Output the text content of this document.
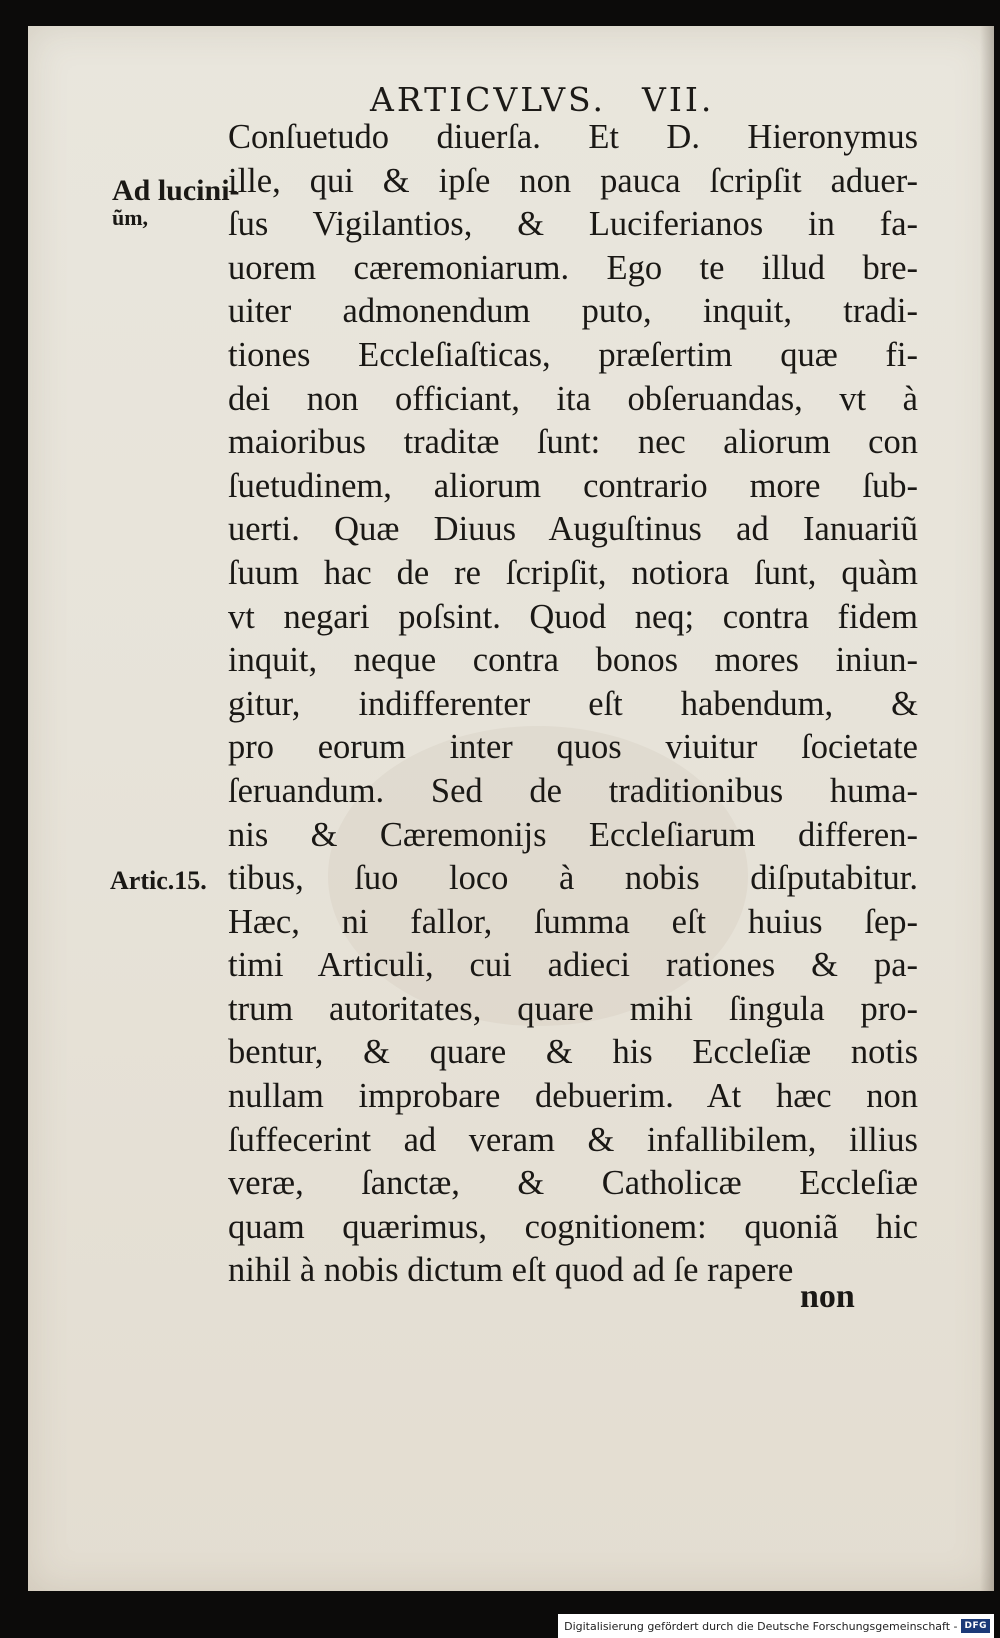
ARTICVLVS. VII.
Ad lucini-
ũm,
Artic.15.
Conſuetudo diuerſa. Et D. Hieronymus
ille, qui & ipſe non pauca ſcripſit aduer-
ſus Vigilantios, & Luciferianos in fa-
uorem cæremoniarum. Ego te illud bre-
uiter admonendum puto, inquit, tradi-
tiones Eccleſiaſticas, præſertim quæ fi-
dei non officiant, ita obſeruandas, vt à
maioribus traditæ ſunt: nec aliorum con
ſuetudinem, aliorum contrario more ſub-
uerti. Quæ Diuus Auguſtinus ad Ianuariũ
ſuum hac de re ſcripſit, notiora ſunt, quàm
vt negari poſsint. Quod neq; contra fidem
inquit, neque contra bonos mores iniun-
gitur, indifferenter eſt habendum, &
pro eorum inter quos viuitur ſocietate
ſeruandum. Sed de traditionibus huma-
nis & Cæremonijs Eccleſiarum differen-
tibus, ſuo loco à nobis diſputabitur.
Hæc, ni fallor, ſumma eſt huius ſep-
timi Articuli, cui adieci rationes & pa-
trum autoritates, quare mihi ſingula pro-
bentur, & quare & his Eccleſiæ notis
nullam improbare debuerim. At hæc non
ſuffecerint ad veram & infallibilem, illius
veræ, ſanctæ, & Catholicæ Eccleſiæ
quam quærimus, cognitionem: quoniã hic
nihil à nobis dictum eſt quod ad ſe rapere
non
Digitalisierung gefördert durch die Deutsche Forschungsgemeinschaft - DFG
